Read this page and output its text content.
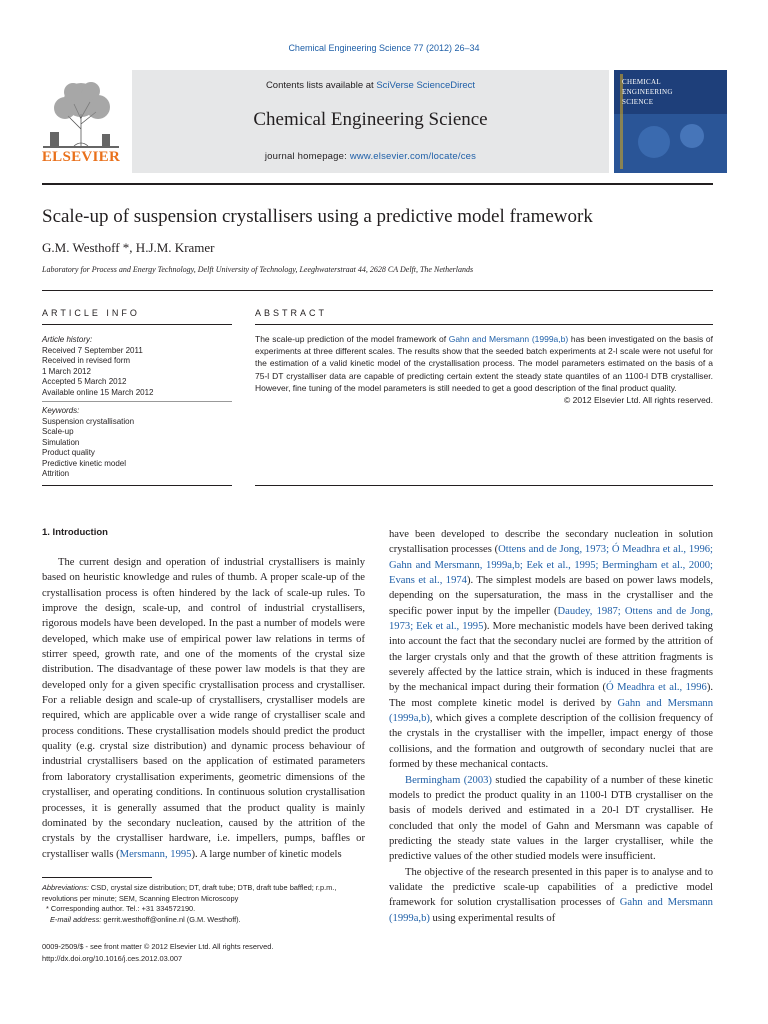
Chemical Engineering Science 77 (2012) 26–34
ELSEVIER
Contents lists available at SciVerse ScienceDirect
Chemical Engineering Science
journal homepage: www.elsevier.com/locate/ces
CHEMICAL
ENGINEERING
SCIENCE
Scale-up of suspension crystallisers using a predictive model framework
G.M. Westhoff *, H.J.M. Kramer
Laboratory for Process and Energy Technology, Delft University of Technology, Leeghwaterstraat 44, 2628 CA Delft, The Netherlands
ARTICLE INFO
Article history:
Received 7 September 2011
Received in revised form
1 March 2012
Accepted 5 March 2012
Available online 15 March 2012
Keywords:
Suspension crystallisation
Scale-up
Simulation
Product quality
Predictive kinetic model
Attrition
ABSTRACT
The scale-up prediction of the model framework of Gahn and Mersmann (1999a,b) has been investigated on the basis of experiments at three different scales. The results show that the seeded batch experiments at 2-l scale were not useful for the estimation of a valid kinetic model of the crystallisation process. The model parameters estimated on the basis of a 75-l DT crystalliser data are capable of predicting certain extent the steady state quantiles of an 1100-l DTB crystalliser. However, fine tuning of the model parameters is still needed to get a good description of the final product quality.
© 2012 Elsevier Ltd. All rights reserved.
1. Introduction

The current design and operation of industrial crystallisers is mainly based on heuristic knowledge and rules of thumb. A proper scale-up of the crystallisation process is often hindered by the lack of scale-up rules. To improve the design, scale-up, and control of industrial crystallisers, rigorous models have been developed. In the past a number of models were developed, which make use of empirical power law relations in terms of stirrer speed, growth rate, and one of the moments of the crystal size distribution. The disadvantage of these power law models is that they are developed only for a given specific crystallisation process and crystalliser. For a reliable design and scale-up of crystallisers, crystalliser models are required, which are applicable over a wide range of crystalliser scale and process conditions. These crystallisation models should predict the product quality (e.g. crystal size distribution) and dynamic process behaviour of industrial crystallisers based on the application of estimated parameters from laboratory crystallisation experiments, geometric dimensions of the crystalliser, and operating conditions. In continuous solution crystallisation processes, it is generally assumed that the product quality is mainly dominated by the secondary nucleation, caused by the attrition of the crystals by the crystalliser hardware, i.e. impellers, pumps, baffles or crystalliser walls (Mersmann, 1995). A large number of kinetic models

Abbreviations: CSD, crystal size distribution; DT, draft tube; DTB, draft tube baffled; r.p.m., revolutions per minute; SEM, Scanning Electron Microscopy
* Corresponding author. Tel.: +31 334572190.
E-mail address: gerrit.westhoff@online.nl (G.M. Westhoff).
0009-2509/$ - see front matter © 2012 Elsevier Ltd. All rights reserved.
http://dx.doi.org/10.1016/j.ces.2012.03.007

have been developed to describe the secondary nucleation in solution crystallisation processes (Ottens and de Jong, 1973; Ó Meadhra et al., 1996; Gahn and Mersmann, 1999a,b; Eek et al., 1995; Bermingham et al., 2000; Evans et al., 1974). The simplest models are based on power laws models, depending on the supersaturation, the mass in the crystalliser and the specific power input by the impeller (Daudey, 1987; Ottens and de Jong, 1973; Eek et al., 1995). More mechanistic models have been derived taking into account the fact that the secondary nuclei are formed by the attrition of the larger crystals only and that the growth of these attrition fragments is severely affected by the lattice strain, which is induced in these fragments by the mechanical impact during their formation (Ó Meadhra et al., 1996). The most complete kinetic model is derived by Gahn and Mersmann (1999a,b), which gives a complete description of the collision frequency of the crystals in the crystalliser with the impeller, impact energy of those collisions, and the formation and outgrowth of secondary nuclei that are formed by these mechanical contacts.

Bermingham (2003) studied the capability of a number of these kinetic models to predict the product quality in an 1100-l DTB crystalliser on the basis of models derived and estimated in a 20-l DT crystalliser. He concluded that only the model of Gahn and Mersmann was capable of predicting the steady state values in the larger crystalliser, while the predictive values of the other studied models were insufficient.

The objective of the research presented in this paper is to analyse and to validate the predictive scale-up capabilities of a predictive model framework for solution crystallisation processes of Gahn and Mersmann (1999a,b) using experimental results of
